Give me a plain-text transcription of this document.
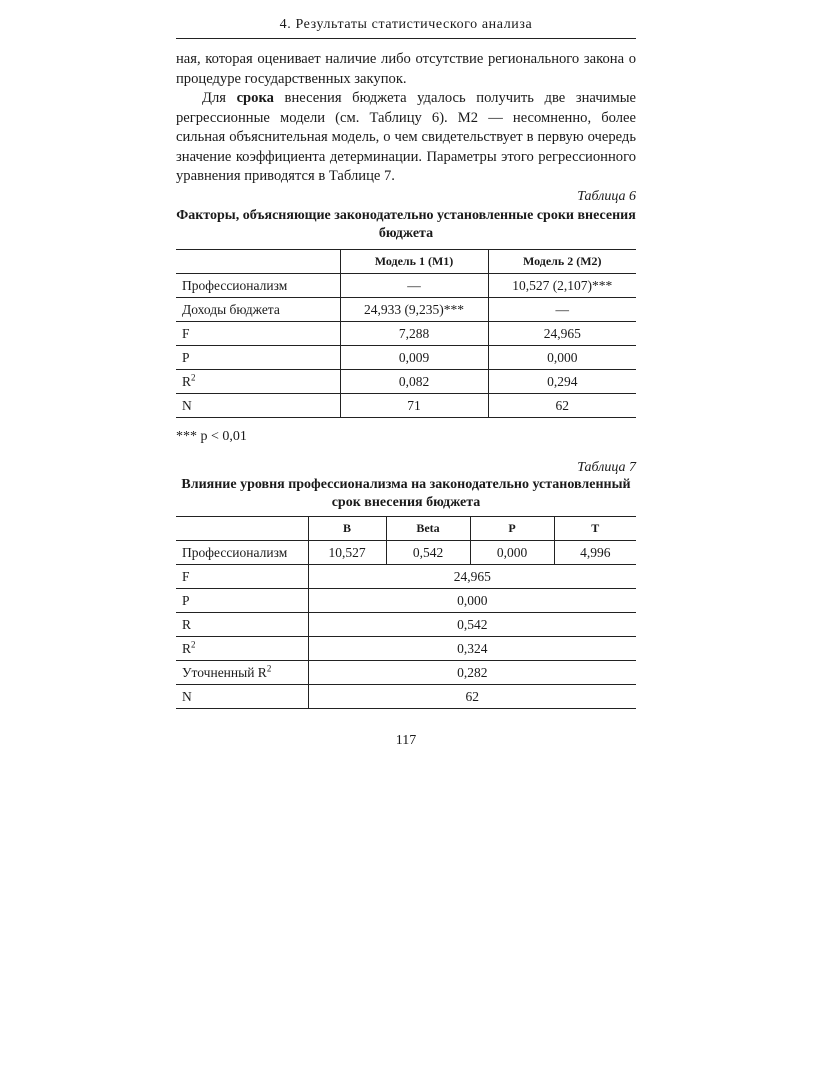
4. Результаты статистического анализа

ная, которая оценивает наличие либо отсутствие регионального закона о процедуре государственных закупок.

Для срока внесения бюджета удалось получить две значимые регрессионные модели (см. Таблицу 6). М2 — несомненно, более сильная объяснительная модель, о чем свидетельствует в первую очередь значение коэффициента детерминации. Параметры этого регрессионного уравнения приводятся в Таблице 7.

Таблица 6
Факторы, объясняющие законодательно установленные сроки внесения бюджета
	Модель 1 (М1)	Модель 2 (М2)
Профессионализм	—	10,527 (2,107)***
Доходы бюджета	24,933 (9,235)***	—
F	7,288	24,965
P	0,009	0,000
$R^2$	0,082	0,294
N	71	62
*** p < 0,01
Таблица 7
Влияние уровня профессионализма на законодательно установленный срок внесения бюджета
	B	Beta	P	T
Профессионализм	10,527	0,542	0,000	4,996
F	24,965			
P	0,000			
R	0,542			
$R^2$	0,324			
Уточненный $R^2$	0,282			
N	62			
117
